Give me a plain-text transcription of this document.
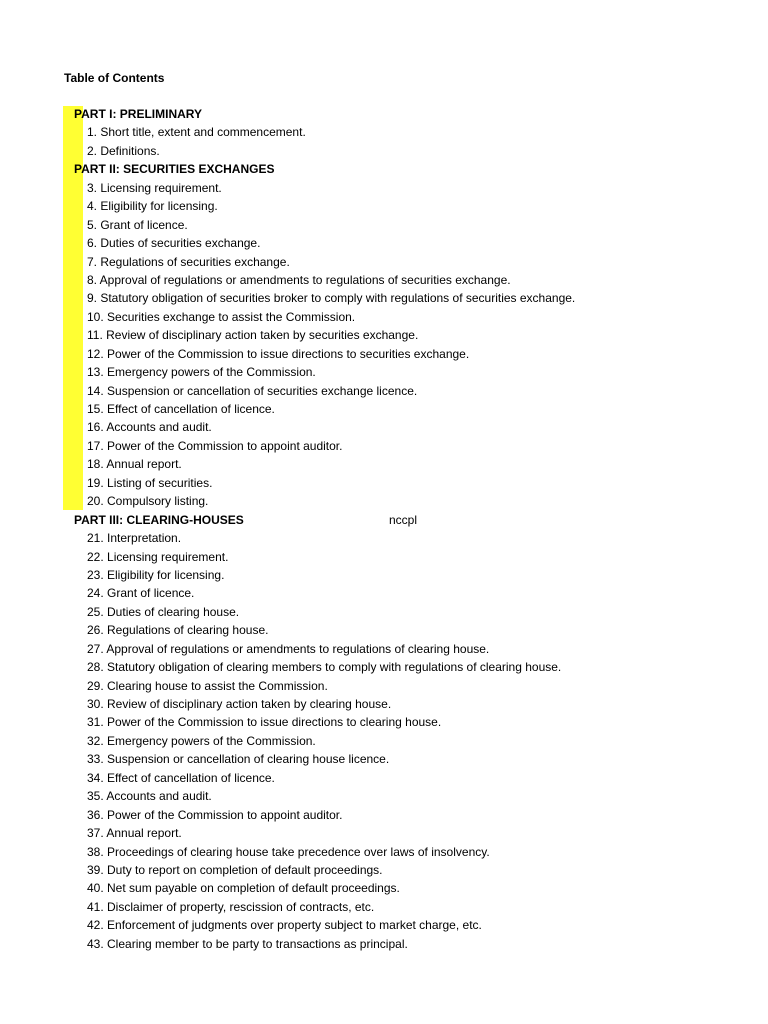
Table of Contents
PART I: PRELIMINARY
1. Short title, extent and commencement.
2. Definitions.
PART II: SECURITIES EXCHANGES
3. Licensing requirement.
4. Eligibility for licensing.
5. Grant of licence.
6. Duties of securities exchange.
7. Regulations of securities exchange.
8. Approval of regulations or amendments to regulations of securities exchange.
9. Statutory obligation of securities broker to comply with regulations of securities exchange.
10. Securities exchange to assist the Commission.
11. Review of disciplinary action taken by securities exchange.
12. Power of the Commission to issue directions to securities exchange.
13. Emergency powers of the Commission.
14. Suspension or cancellation of securities exchange licence.
15. Effect of cancellation of licence.
16. Accounts and audit.
17. Power of the Commission to appoint auditor.
18. Annual report.
19. Listing of securities.
20. Compulsory listing.
PART III: CLEARING-HOUSES	nccpl
21. Interpretation.
22. Licensing requirement.
23. Eligibility for licensing.
24. Grant of licence.
25. Duties of clearing house.
26. Regulations of clearing house.
27. Approval of regulations or amendments to regulations of clearing house.
28. Statutory obligation of clearing members to comply with regulations of clearing house.
29. Clearing house to assist the Commission.
30. Review of disciplinary action taken by clearing house.
31. Power of the Commission to issue directions to clearing house.
32. Emergency powers of the Commission.
33. Suspension or cancellation of clearing house licence.
34. Effect of cancellation of licence.
35. Accounts and audit.
36. Power of the Commission to appoint auditor.
37. Annual report.
38. Proceedings of clearing house take precedence over laws of insolvency.
39. Duty to report on completion of default proceedings.
40. Net sum payable on completion of default proceedings.
41. Disclaimer of property, rescission of contracts, etc.
42. Enforcement of judgments over property subject to market charge, etc.
43. Clearing member to be party to transactions as principal.
